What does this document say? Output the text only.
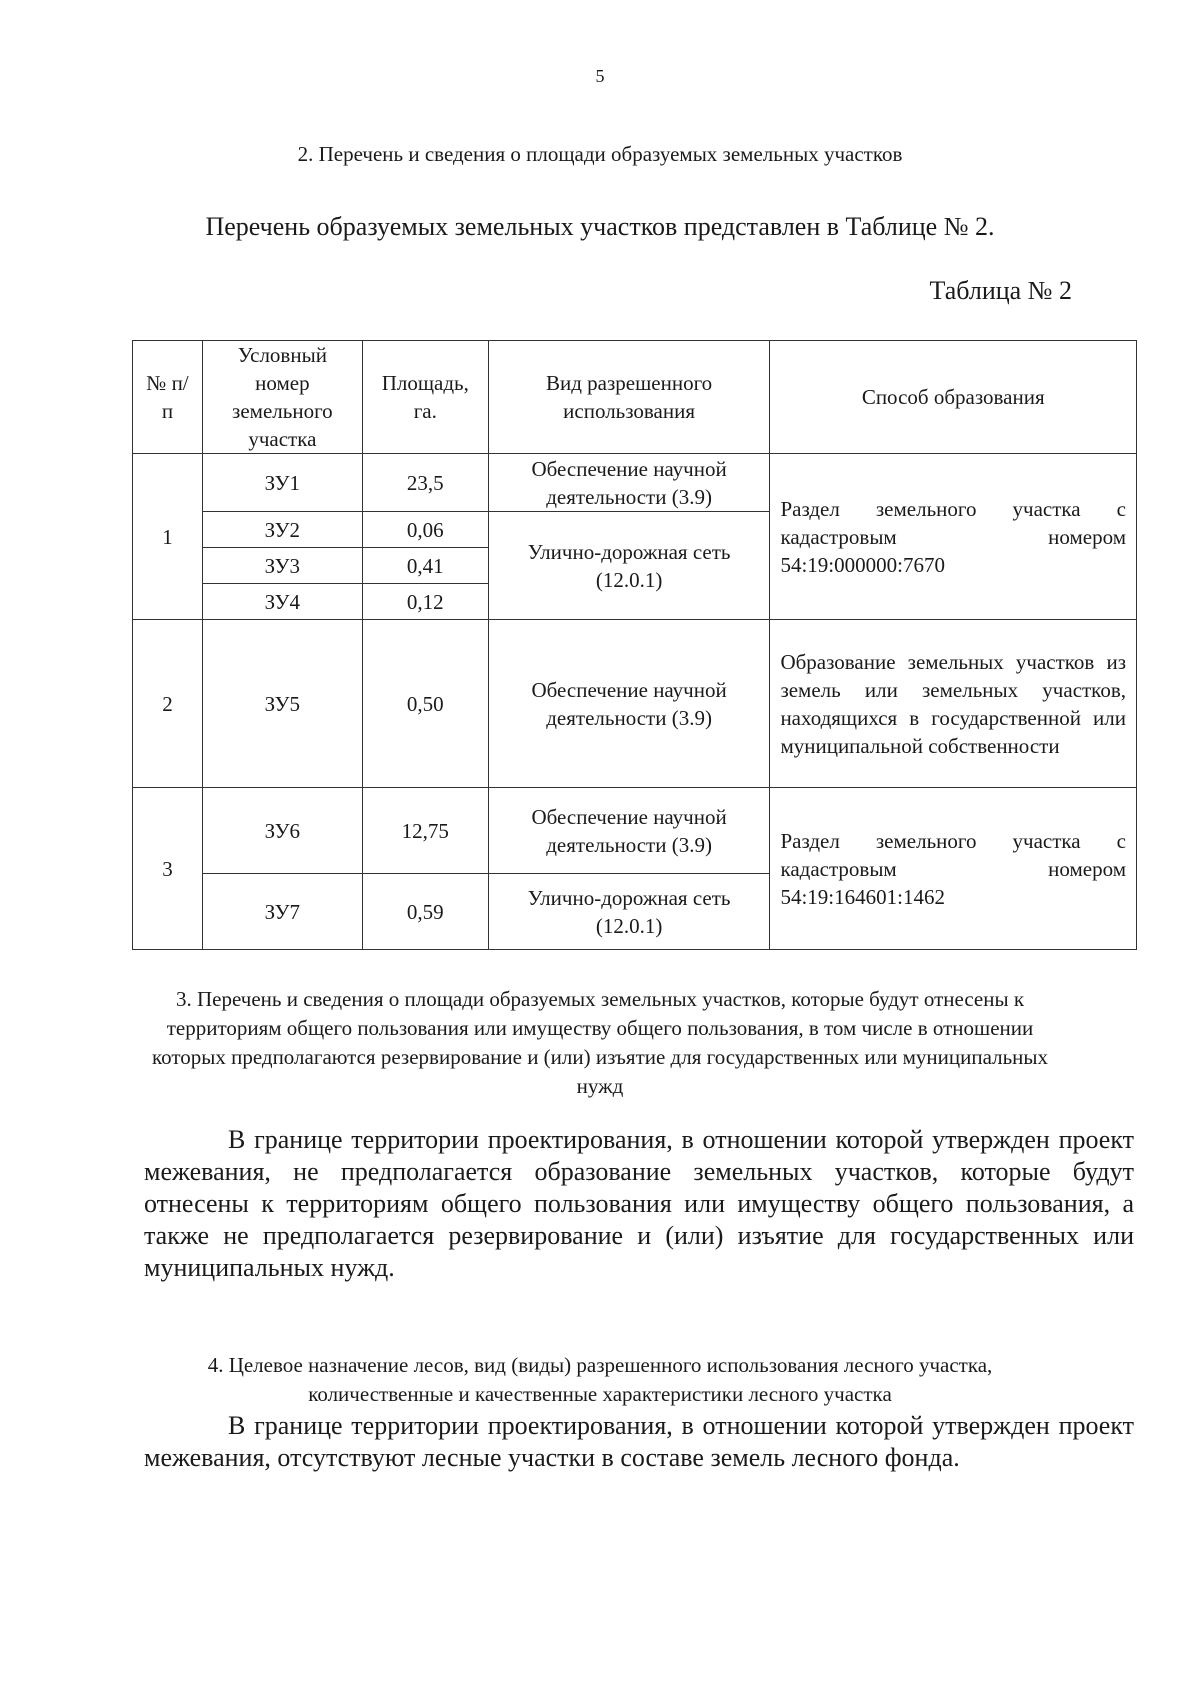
5
2. Перечень и сведения о площади образуемых земельных участков
Перечень образуемых земельных участков представлен в Таблице № 2.
Таблица № 2
№ п/п	Условный номер земельного участка	Площадь, га.	Вид разрешенного использования	Способ образования
1	ЗУ1	23,5	Обеспечение научной деятельности (3.9)	Раздел земельного участка с кадастровым номером 54:19:000000:7670
	ЗУ2	0,06	Улично-дорожная сеть (12.0.1)	
	ЗУ3	0,41		
	ЗУ4	0,12		
2	ЗУ5	0,50	Обеспечение научной деятельности (3.9)	Образование земельных участков из земель или земельных участков, находящихся в государственной или муниципальной собственности
3	ЗУ6	12,75	Обеспечение научной деятельности (3.9)	Раздел земельного участка с кадастровым номером 54:19:164601:1462
	ЗУ7	0,59	Улично-дорожная сеть (12.0.1)	
3. Перечень и сведения о площади образуемых земельных участков, которые будут отнесены к территориям общего пользования или имуществу общего пользования, в том числе в отношении которых предполагаются резервирование и (или) изъятие для государственных или муниципальных нужд
В границе территории проектирования, в отношении которой утвержден проект межевания, не предполагается образование земельных участков, которые будут отнесены к территориям общего пользования или имуществу общего пользования, а также не предполагается резервирование и (или) изъятие для государственных или муниципальных нужд.
4. Целевое назначение лесов, вид (виды) разрешенного использования лесного участка, количественные и качественные характеристики лесного участка
В границе территории проектирования, в отношении которой утвержден проект межевания, отсутствуют лесные участки в составе земель лесного фонда.
